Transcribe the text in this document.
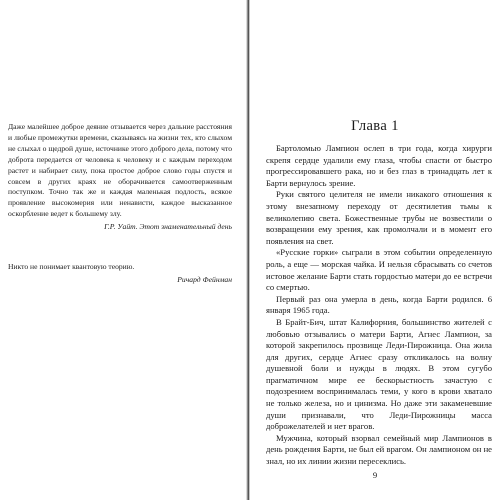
Даже малейшее доброе деяние отзывается через дальние расстояния и любые промежутки времени, сказываясь на жизни тех, кто слыхом не слыхал о щедрой душе, источнике этого доброго дела, потому что доброта передается от человека к человеку и с каждым переходом растет и набирает силу, пока простое доброе слово годы спустя и совсем в других краях не оборачивается самоотверженным поступком. Точно так же и каждая маленькая подлость, всякое проявление высокомерия или ненависти, каждое высказанное оскорбление ведет к большему злу.

Г.Р. Уайт. Этот знаменательный день

Никто не понимает квантовую теорию.

Ричард Фейнман
Глава 1

Бартоломью Лампион ослеп в три года, когда хирурги скрепя сердце удалили ему глаза, чтобы спасти от быстро прогрессировавшего рака, но и без глаз в тринадцать лет к Барти вернулось зрение.

Руки святого целителя не имели никакого отношения к этому внезапному переходу от десятилетия тьмы к великолепию света. Божественные трубы не возвестили о возвращении ему зрения, как промолчали и в момент его появления на свет.

«Русские горки» сыграли в этом событии определенную роль, а еще — морская чайка. И нельзя сбрасывать со счетов истовое желание Барти стать гордостью матери до ее встречи со смертью.

Первый раз она умерла в день, когда Барти родился. 6 января 1965 года.

В Брайт-Бич, штат Калифорния, большинство жителей с любовью отзывались о матери Барти, Агнес Лампион, за которой закрепилось прозвище Леди-Пирожница. Она жила для других, сердце Агнес сразу откликалось на волну душевной боли и нужды в людях. В этом сугубо прагматичном мире ее бескорыстность зачастую с подозрением воспринималась теми, у кого в крови хватало не только железа, но и цинизма. Но даже эти закаменевшие души признавали, что Леди-Пирожницы масса доброжелателей и нет врагов.

Мужчина, который взорвал семейный мир Лампионов в день рождения Барти, не был ей врагом. Он лампионом он не знал, но их линии жизни пересеклись.

9
